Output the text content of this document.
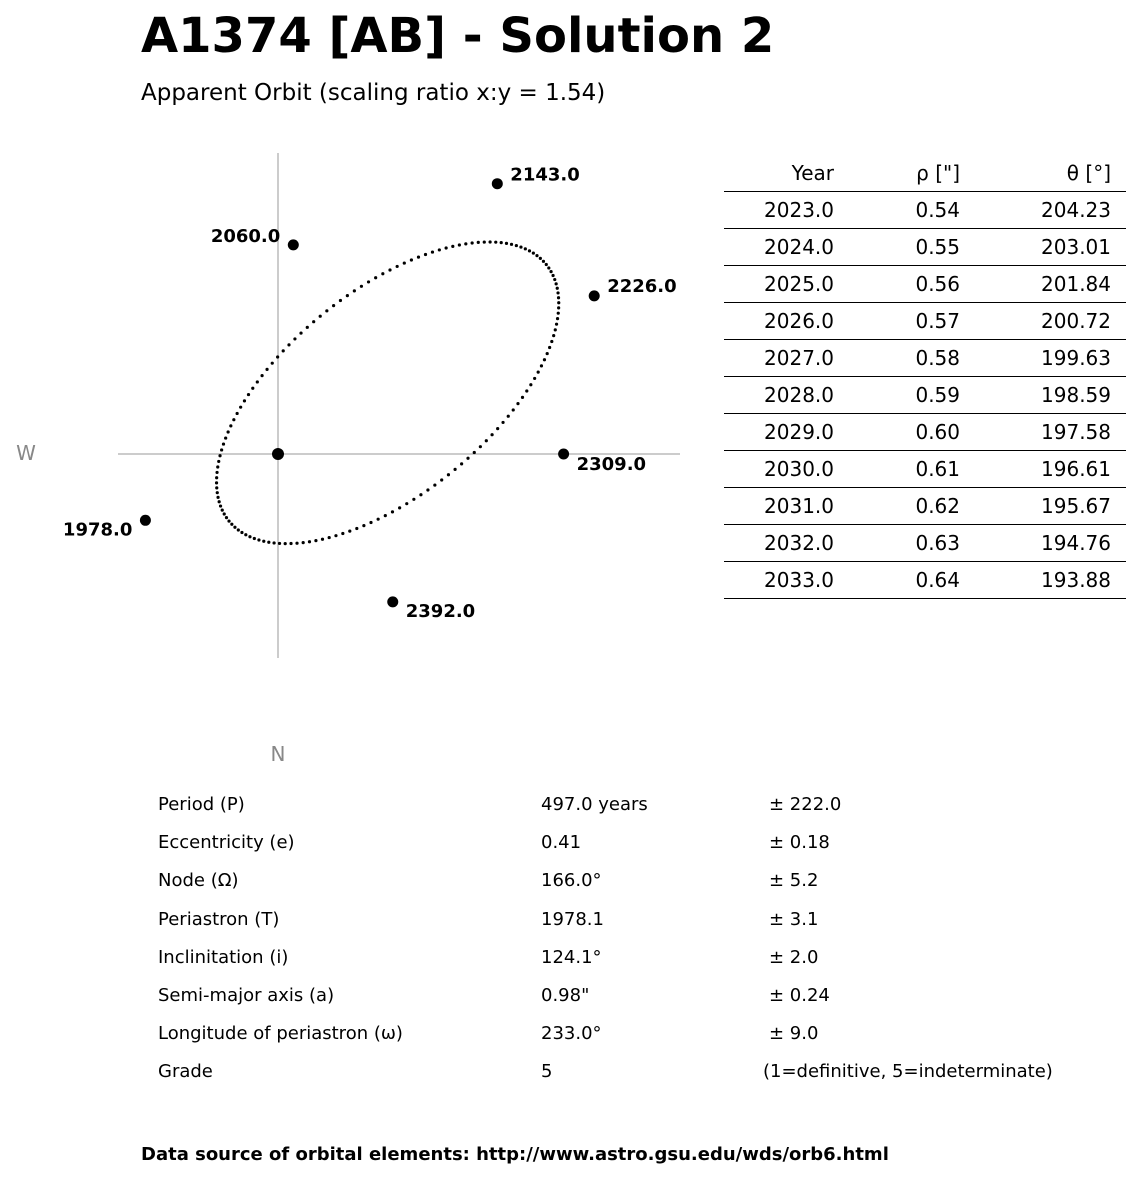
A1374 [AB] - Solution 2
Apparent Orbit (scaling ratio x:y = 1.54)
2143.0
2060.0
2226.0
2309.0
1978.0
2392.0
W
N
Year	ρ ["]	θ [°]	
2023.0	0.54	204.23	
2024.0	0.55	203.01	
2025.0	0.56	201.84	
2026.0	0.57	200.72	
2027.0	0.58	199.63	
2028.0	0.59	198.59	
2029.0	0.60	197.58	
2030.0	0.61	196.61	
2031.0	0.62	195.67	
2032.0	0.63	194.76	
2033.0	0.64	193.88	
Period (P)	497.0 years	± 222.0
Eccentricity (e)	0.41	± 0.18
Node (Ω)	166.0°	± 5.2
Periastron (T)	1978.1	± 3.1
Inclinitation (i)	124.1°	± 2.0
Semi-major axis (a)	0.98"	± 0.24
Longitude of periastron (ω)	233.0°	± 9.0
Grade	5	(1=definitive, 5=indeterminate)
Data source of orbital elements: http://www.astro.gsu.edu/wds/orb6.html
